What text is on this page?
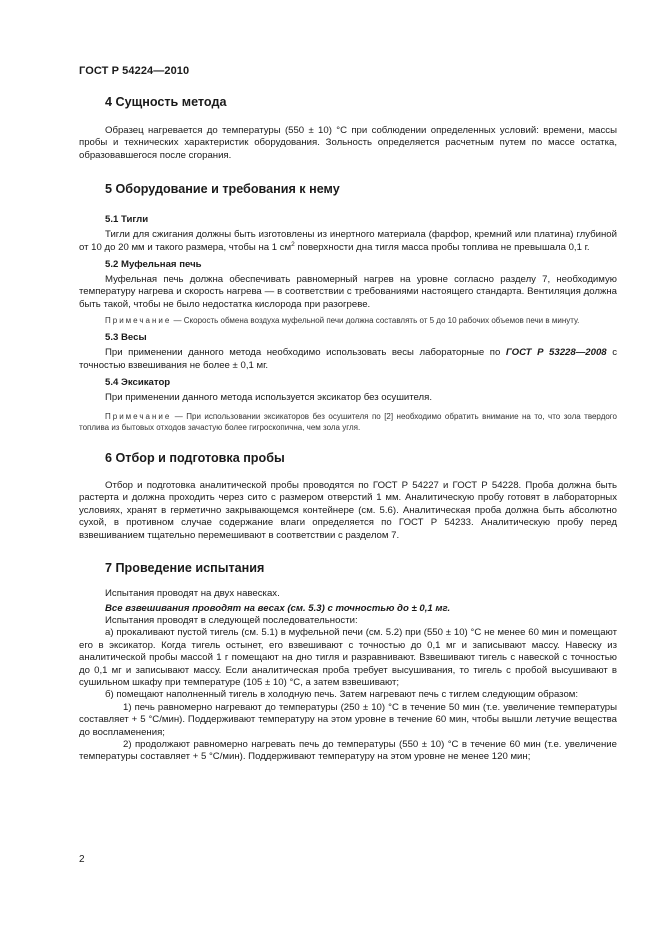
ГОСТ Р 54224—2010
4 Сущность метода

Образец нагревается до температуры (550 ± 10) °С при соблюдении определенных условий: времени, массы пробы и технических характеристик оборудования. Зольность определяется расчетным путем по массе остатка, образовавшегося после сгорания.

5 Оборудование и требования к нему
5.1 Тигли

Тигли для сжигания должны быть изготовлены из инертного материала (фарфор, кремний или платина) глубиной от 10 до 20 мм и такого размера, чтобы на 1 $см^2$ поверхности дна тигля масса пробы топлива не превышала 0,1 г.

5.2 Муфельная печь

Муфельная печь должна обеспечивать равномерный нагрев на уровне согласно разделу 7, необходимую температуру нагрева и скорость нагрева — в соответствии с требованиями настоящего стандарта. Вентиляция должна быть такой, чтобы не было недостатка кислорода при разогреве.

Примечание — Скорость обмена воздуха муфельной печи должна составлять от 5 до 10 рабочих объемов печи в минуту.

5.3 Весы

При применении данного метода необходимо использовать весы лабораторные по ГОСТ Р 53228—2008 с точностью взвешивания не более ± 0,1 мг.

5.4 Эксикатор

При применении данного метода используется эксикатор без осушителя.

Примечание — При использовании эксикаторов без осушителя по [2] необходимо обратить внимание на то, что зола твердого топлива из бытовых отходов зачастую более гигроскопична, чем зола угля.

6 Отбор и подготовка пробы

Отбор и подготовка аналитической пробы проводятся по ГОСТ Р 54227 и ГОСТ Р 54228. Проба должна быть растерта и должна проходить через сито с размером отверстий 1 мм. Аналитическую пробу готовят в лабораторных условиях, хранят в герметично закрывающемся контейнере (см. 5.6). Аналитическая проба должна быть абсолютно сухой, в противном случае содержание влаги определяется по ГОСТ Р 54233. Аналитическую пробу перед взвешиванием тщательно перемешивают в соответствии с разделом 7.

7 Проведение испытания

Испытания проводят на двух навесках.

Все взвешивания проводят на весах (см. 5.3) с точностью до ± 0,1 мг.

Испытания проводят в следующей последовательности:

а) прокаливают пустой тигель (см. 5.1) в муфельной печи (см. 5.2) при (550 ± 10) °С не менее 60 мин и помещают его в эксикатор. Когда тигель остынет, его взвешивают с точностью до 0,1 мг и записывают массу. Навеску из аналитической пробы массой 1 г помещают на дно тигля и разравнивают. Взвешивают тигель с навеской с точностью до 0,1 мг и записывают массу. Если аналитическая проба требует высушивания, то тигель с пробой высушивают в сушильном шкафу при температуре (105 ± 10) °С, а затем взвешивают;

б) помещают наполненный тигель в холодную печь. Затем нагревают печь с тиглем следующим образом:

1) печь равномерно нагревают до температуры (250 ± 10) °С в течение 50 мин (т.е. увеличение температуры составляет + 5 °С/мин). Поддерживают температуру на этом уровне в течение 60 мин, чтобы вышли летучие вещества до воспламенения;

2) продолжают равномерно нагревать печь до температуры (550 ± 10) °С в течение 60 мин (т.е. увеличение температуры составляет + 5 °С/мин). Поддерживают температуру на этом уровне не менее 120 мин;

2
